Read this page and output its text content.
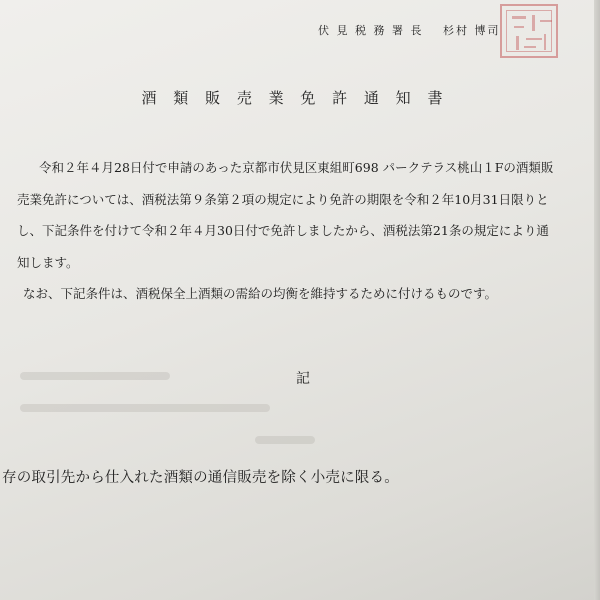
伏 見 税 務 署 長 杉村 博司
酒 類 販 売 業 免 許 通 知 書

令和２年４月28日付で申請のあった京都市伏見区東組町698 パークテラス桃山１Fの酒類販

売業免許については、酒税法第９条第２項の規定により免許の期限を令和２年10月31日限りと

し、下記条件を付けて令和２年４月30日付で免許しましたから、酒税法第21条の規定により通

知します。

なお、下記条件は、酒税保全上酒類の需給の均衡を維持するために付けるものです。

記
存の取引先から仕入れた酒類の通信販売を除く小売に限る。
